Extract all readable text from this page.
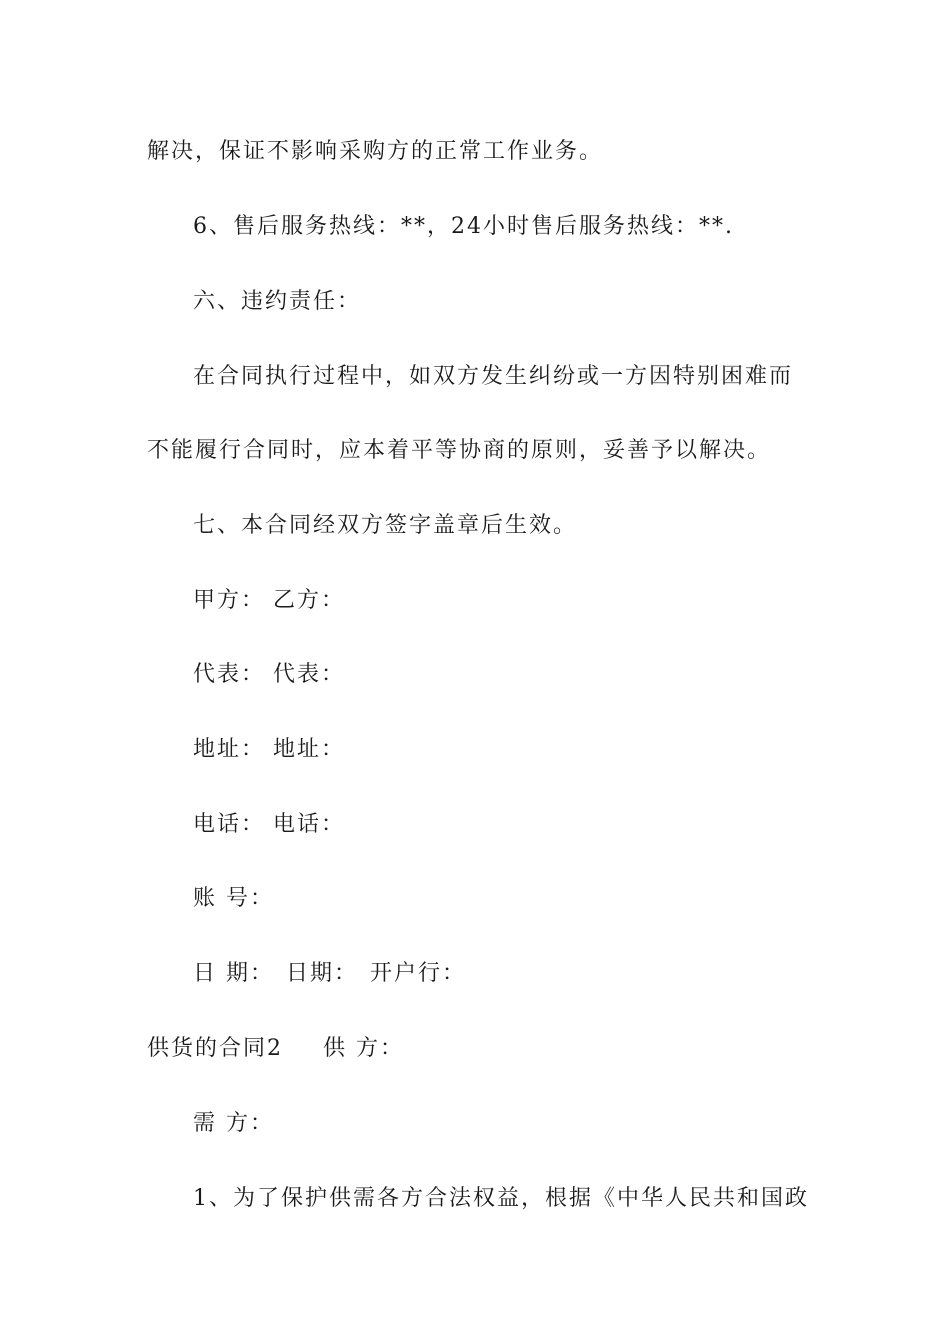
解决，保证不影响采购方的正常工作业务。
6、售后服务热线：**，24小时售后服务热线：**.
六、违约责任：
在合同执行过程中，如双方发生纠纷或一方因特别困难而
不能履行合同时，应本着平等协商的原则，妥善予以解决。
七、本合同经双方签字盖章后生效。
甲方： 乙方：
代表： 代表：
地址： 地址：
电话： 电话：
账 号：
日 期： 日期： 开户行：
供货的合同2 供 方：
需 方：
1、为了保护供需各方合法权益，根据《中华人民共和国政
